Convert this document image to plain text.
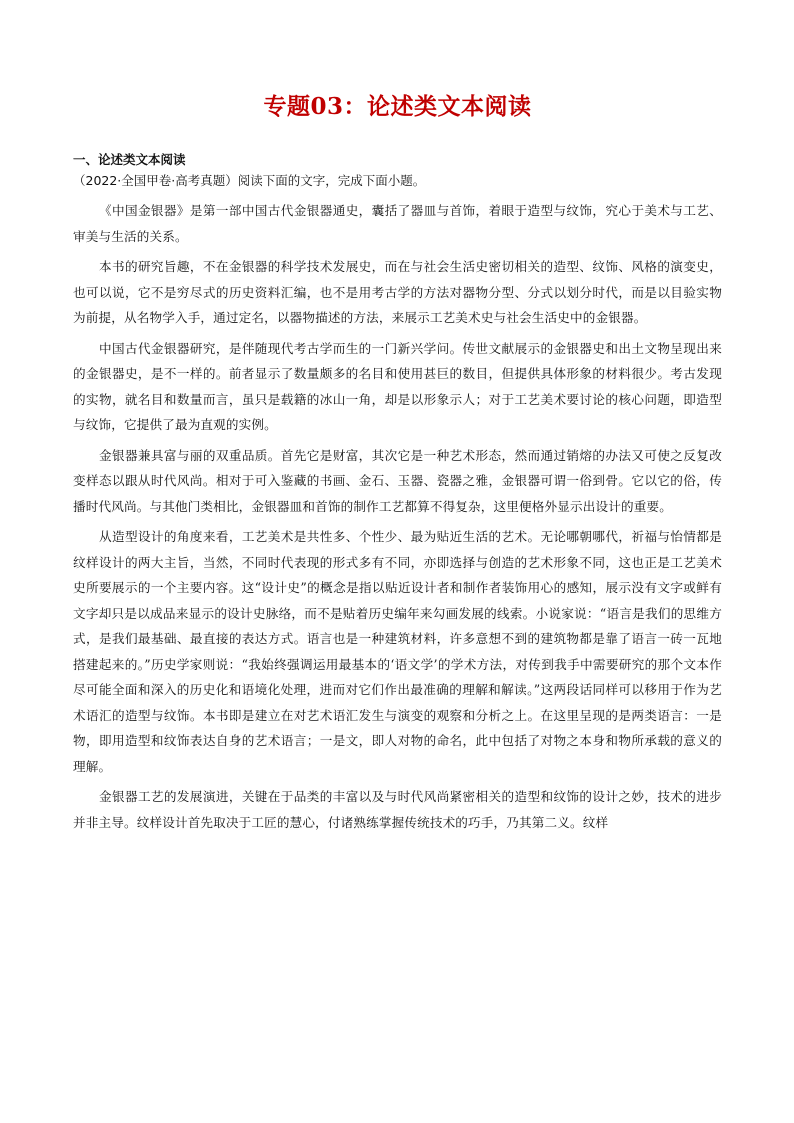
专题03：论述类文本阅读
一、论述类文本阅读
（2022·全国甲卷·高考真题）阅读下面的文字，完成下面小题。

《中国金银器》是第一部中国古代金银器通史，囊括了器皿与首饰，着眼于造型与纹饰，究心于美术与工艺、审美与生活的关系。

本书的研究旨趣，不在金银器的科学技术发展史，而在与社会生活史密切相关的造型、纹饰、风格的演变史，也可以说，它不是穷尽式的历史资料汇编，也不是用考古学的方法对器物分型、分式以划分时代，而是以目验实物为前提，从名物学入手，通过定名，以器物描述的方法，来展示工艺美术史与社会生活史中的金银器。

中国古代金银器研究，是伴随现代考古学而生的一门新兴学问。传世文献展示的金银器史和出土文物呈现出来的金银器史，是不一样的。前者显示了数量颇多的名目和使用甚巨的数目，但提供具体形象的材料很少。考古发现的实物，就名目和数量而言，虽只是载籍的冰山一角，却是以形象示人；对于工艺美术要讨论的核心问题，即造型与纹饰，它提供了最为直观的实例。

金银器兼具富与丽的双重品质。首先它是财富，其次它是一种艺术形态，然而通过销熔的办法又可使之反复改变样态以跟从时代风尚。相对于可入鉴藏的书画、金石、玉器、瓷器之雅，金银器可谓一俗到骨。它以它的俗，传播时代风尚。与其他门类相比，金银器皿和首饰的制作工艺都算不得复杂，这里便格外显示出设计的重要。

从造型设计的角度来看，工艺美术是共性多、个性少、最为贴近生活的艺术。无论哪朝哪代，祈福与怡情都是纹样设计的两大主旨，当然，不同时代表现的形式多有不同，亦即选择与创造的艺术形象不同，这也正是工艺美术史所要展示的一个主要内容。这“设计史”的概念是指以贴近设计者和制作者装饰用心的感知，展示没有文字或鲜有文字却只是以成品来显示的设计史脉络，而不是贴着历史编年来勾画发展的线索。小说家说：“语言是我们的思维方式，是我们最基础、最直接的表达方式。语言也是一种建筑材料，许多意想不到的建筑物都是靠了语言一砖一瓦地搭建起来的。”历史学家则说：“我始终强调运用最基本的‘语文学’的学术方法，对传到我手中需要研究的那个文本作尽可能全面和深入的历史化和语境化处理，进而对它们作出最准确的理解和解读。”这两段话同样可以移用于作为艺术语汇的造型与纹饰。本书即是建立在对艺术语汇发生与演变的观察和分析之上。在这里呈现的是两类语言：一是物，即用造型和纹饰表达自身的艺术语言；一是文，即人对物的命名，此中包括了对物之本身和物所承载的意义的理解。

金银器工艺的发展演进，关键在于品类的丰富以及与时代风尚紧密相关的造型和纹饰的设计之妙，技术的进步并非主导。纹样设计首先取决于工匠的慧心，付诸熟练掌握传统技术的巧手，乃其第二义。纹样
